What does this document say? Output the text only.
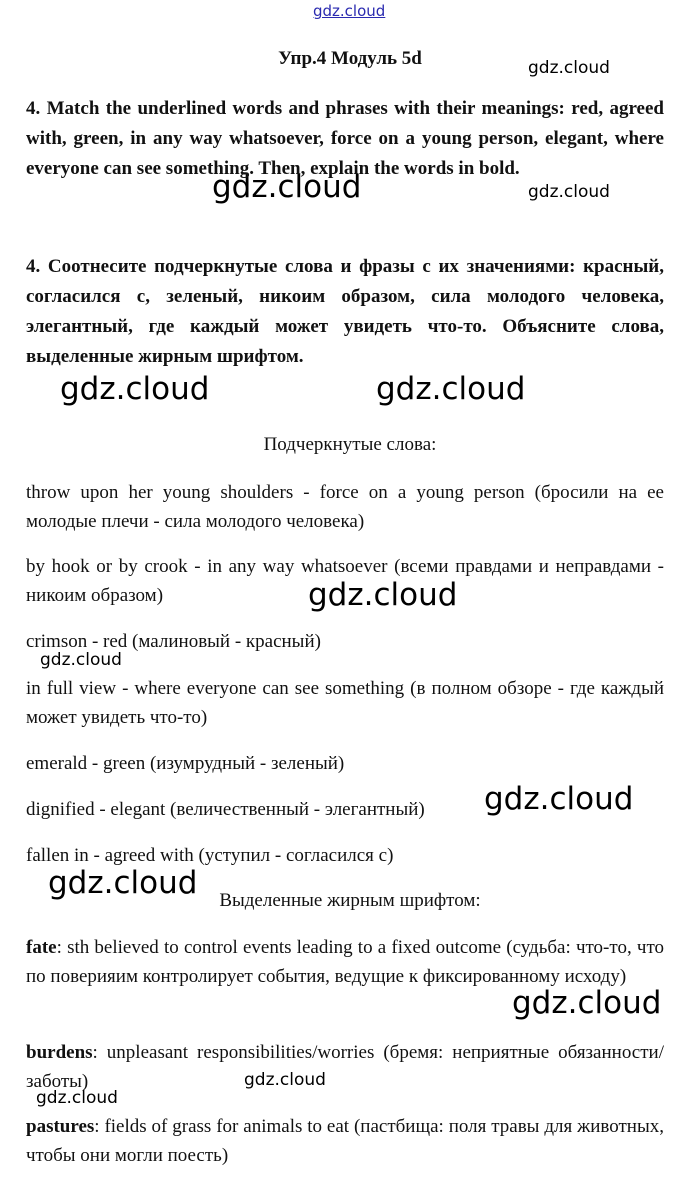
gdz.cloud
gdz.cloud
gdz.cloud	gdz.cloud
gdz.cloud	gdz.cloud
gdz.cloud
gdz.cloud
gdz.cloud
gdz.cloud
gdz.cloud
gdz.cloud
gdz.cloud
Упр.4 Модуль 5d

4. Match the underlined words and phrases with their meanings: red, agreed with, green, in any way whatsoever, force on a young person, elegant, where everyone can see something. Then, explain the words in bold.

4. Соотнесите подчеркнутые слова и фразы с их значениями: красный, согласился с, зеленый, никоим образом, сила молодого человека, элегантный, где каждый может увидеть что-то. Объясните слова, выделенные жирным шрифтом.

Подчеркнутые слова:

throw upon her young shoulders - force on a young person (бросили на ее молодые плечи - сила молодого человека)

by hook or by crook - in any way whatsoever (всеми правдами и неправдами - никоим образом)

crimson - red (малиновый - красный)

in full view - where everyone can see something (в полном обзоре - где каждый может увидеть что-то)

emerald - green (изумрудный - зеленый)

dignified - elegant (величественный - элегантный)

fallen in - agreed with (уступил - согласился с)

Выделенные жирным шрифтом:

fate: sth believed to control events leading to a fixed outcome (судьба: что-то, что по поверияим контролирует события, ведущие к фиксированному исходу)

burdens: unpleasant responsibilities/worries (бремя: неприятные обязанности/заботы)

pastures: fields of grass for animals to eat (пастбища: поля травы для животных, чтобы они могли поесть)
